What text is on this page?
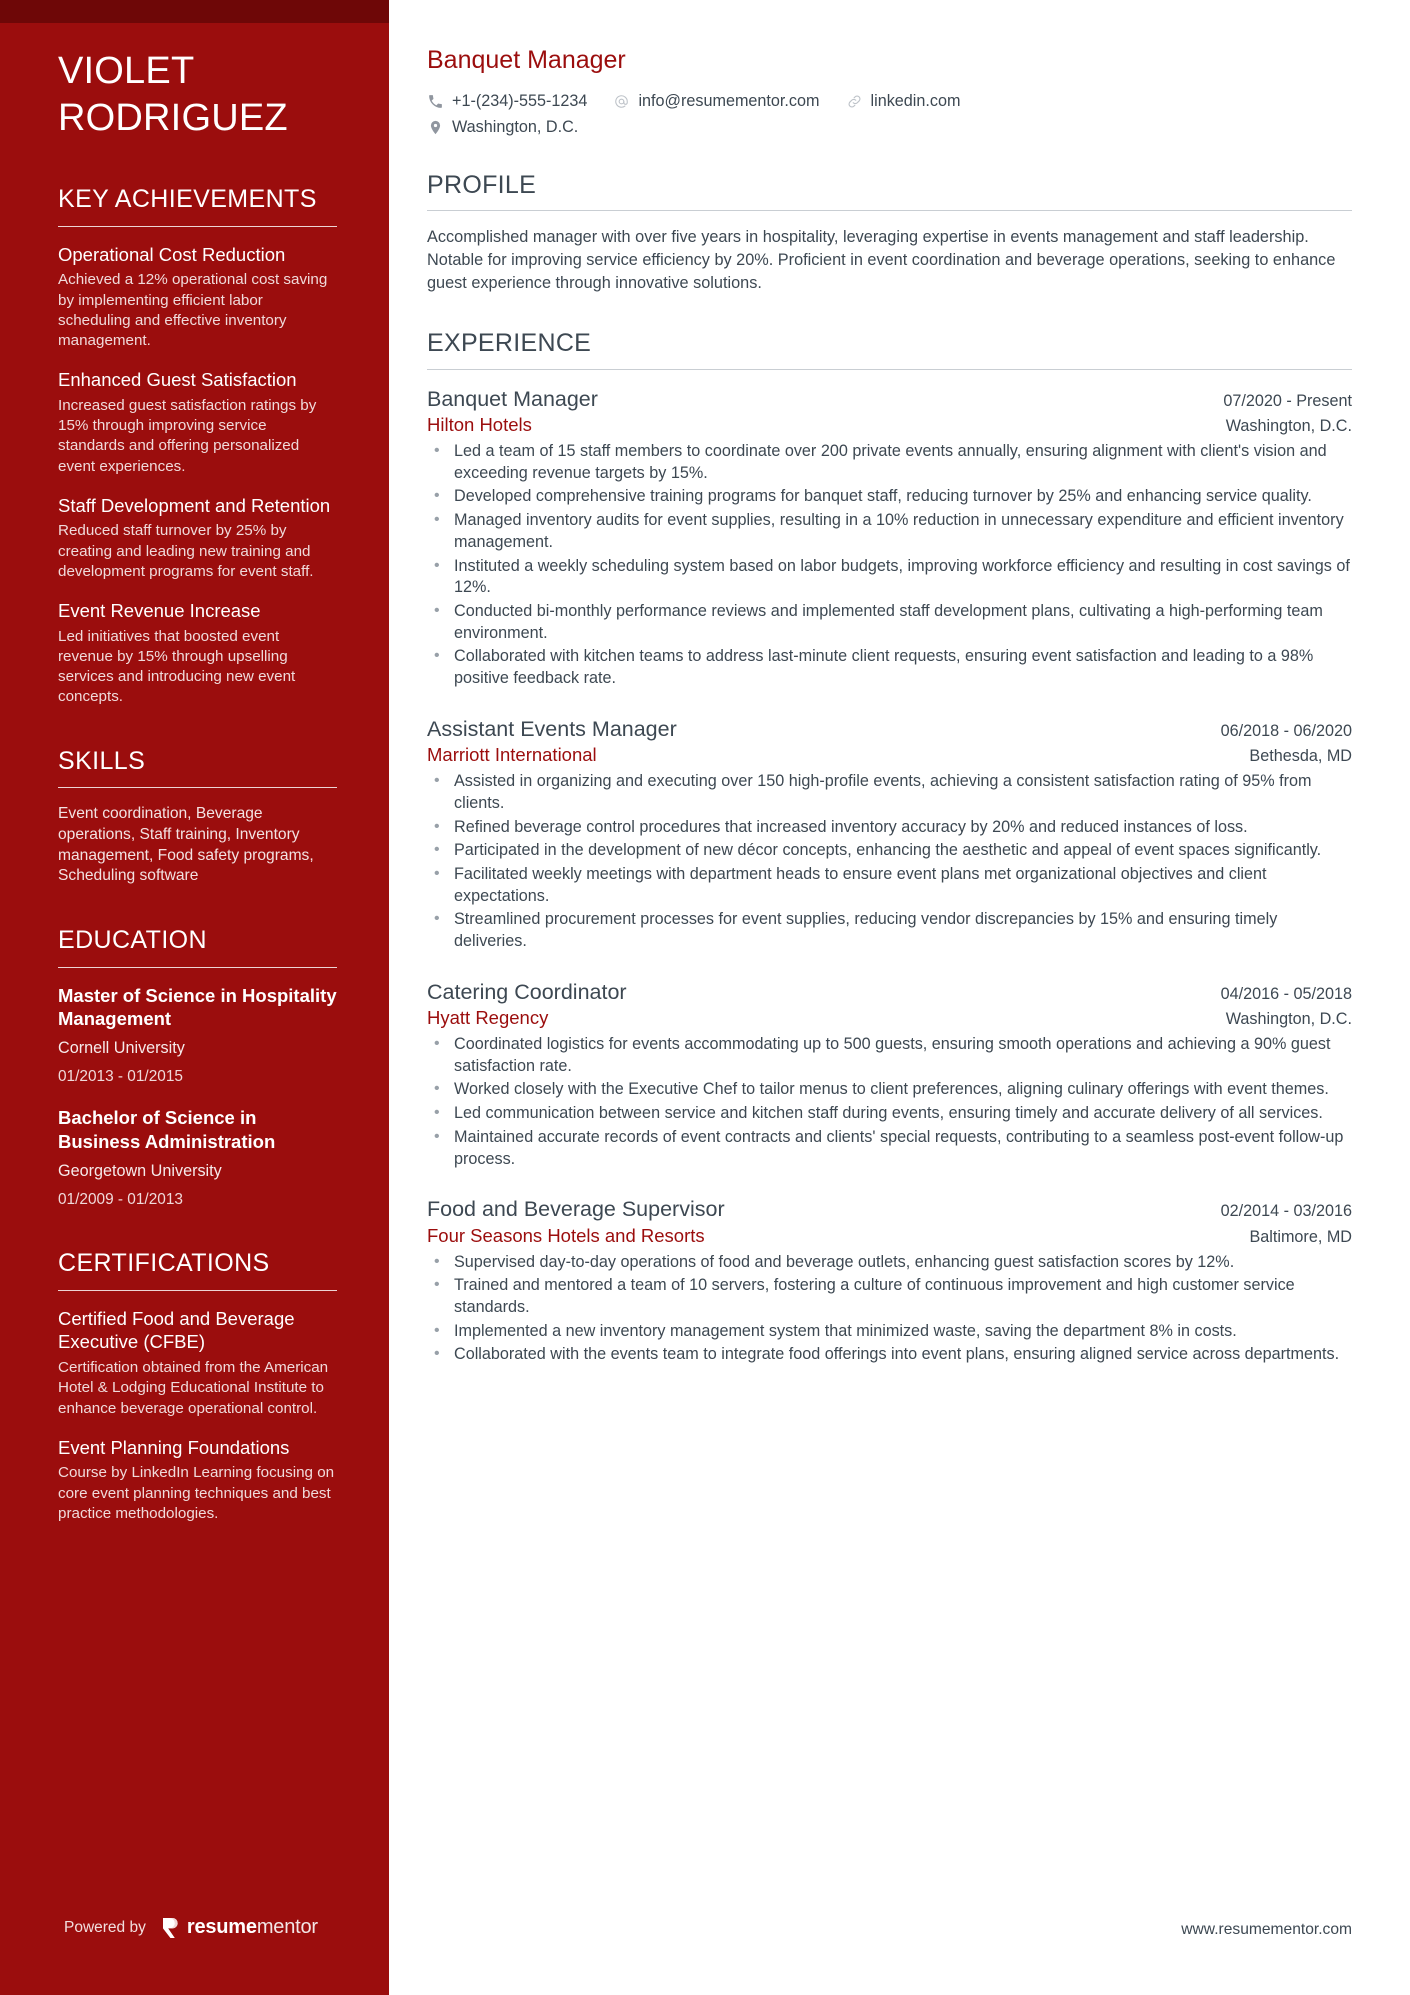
VIOLET
RODRIGUEZ
KEY ACHIEVEMENTS
Operational Cost Reduction
Achieved a 12% operational cost saving by implementing efficient labor scheduling and effective inventory management.
Enhanced Guest Satisfaction
Increased guest satisfaction ratings by 15% through improving service standards and offering personalized event experiences.
Staff Development and Retention
Reduced staff turnover by 25% by creating and leading new training and development programs for event staff.
Event Revenue Increase
Led initiatives that boosted event revenue by 15% through upselling services and introducing new event concepts.
SKILLS
Event coordination, Beverage operations, Staff training, Inventory management, Food safety programs, Scheduling software
EDUCATION
Master of Science in Hospitality Management
Cornell University
01/2013 - 01/2015
Bachelor of Science in Business Administration
Georgetown University
01/2009 - 01/2013
CERTIFICATIONS
Certified Food and Beverage Executive (CFBE)
Certification obtained from the American Hotel & Lodging Educational Institute to enhance beverage operational control.
Event Planning Foundations
Course by LinkedIn Learning focusing on core event planning techniques and best practice methodologies.
Powered by resumementor
Banquet Manager
+1-(234)-555-1234	info@resumementor.com	linkedin.com
Washington, D.C.
PROFILE

Accomplished manager with over five years in hospitality, leveraging expertise in events management and staff leadership. Notable for improving service efficiency by 20%. Proficient in event coordination and beverage operations, seeking to enhance guest experience through innovative solutions.

EXPERIENCE
Banquet Manager	07/2020 - Present
Hilton Hotels	Washington, D.C.
• Led a team of 15 staff members to coordinate over 200 private events annually, ensuring alignment with client's vision and exceeding revenue targets by 15%.
• Developed comprehensive training programs for banquet staff, reducing turnover by 25% and enhancing service quality.
• Managed inventory audits for event supplies, resulting in a 10% reduction in unnecessary expenditure and efficient inventory management.
• Instituted a weekly scheduling system based on labor budgets, improving workforce efficiency and resulting in cost savings of 12%.
• Conducted bi-monthly performance reviews and implemented staff development plans, cultivating a high-performing team environment.
• Collaborated with kitchen teams to address last-minute client requests, ensuring event satisfaction and leading to a 98% positive feedback rate.
Assistant Events Manager	06/2018 - 06/2020
Marriott International	Bethesda, MD
• Assisted in organizing and executing over 150 high-profile events, achieving a consistent satisfaction rating of 95% from clients.
• Refined beverage control procedures that increased inventory accuracy by 20% and reduced instances of loss.
• Participated in the development of new décor concepts, enhancing the aesthetic and appeal of event spaces significantly.
• Facilitated weekly meetings with department heads to ensure event plans met organizational objectives and client expectations.
• Streamlined procurement processes for event supplies, reducing vendor discrepancies by 15% and ensuring timely deliveries.
Catering Coordinator	04/2016 - 05/2018
Hyatt Regency	Washington, D.C.
• Coordinated logistics for events accommodating up to 500 guests, ensuring smooth operations and achieving a 90% guest satisfaction rate.
• Worked closely with the Executive Chef to tailor menus to client preferences, aligning culinary offerings with event themes.
• Led communication between service and kitchen staff during events, ensuring timely and accurate delivery of all services.
• Maintained accurate records of event contracts and clients' special requests, contributing to a seamless post-event follow-up process.
Food and Beverage Supervisor	02/2014 - 03/2016
Four Seasons Hotels and Resorts	Baltimore, MD
• Supervised day-to-day operations of food and beverage outlets, enhancing guest satisfaction scores by 12%.
• Trained and mentored a team of 10 servers, fostering a culture of continuous improvement and high customer service standards.
• Implemented a new inventory management system that minimized waste, saving the department 8% in costs.
• Collaborated with the events team to integrate food offerings into event plans, ensuring aligned service across departments.
www.resumementor.com
